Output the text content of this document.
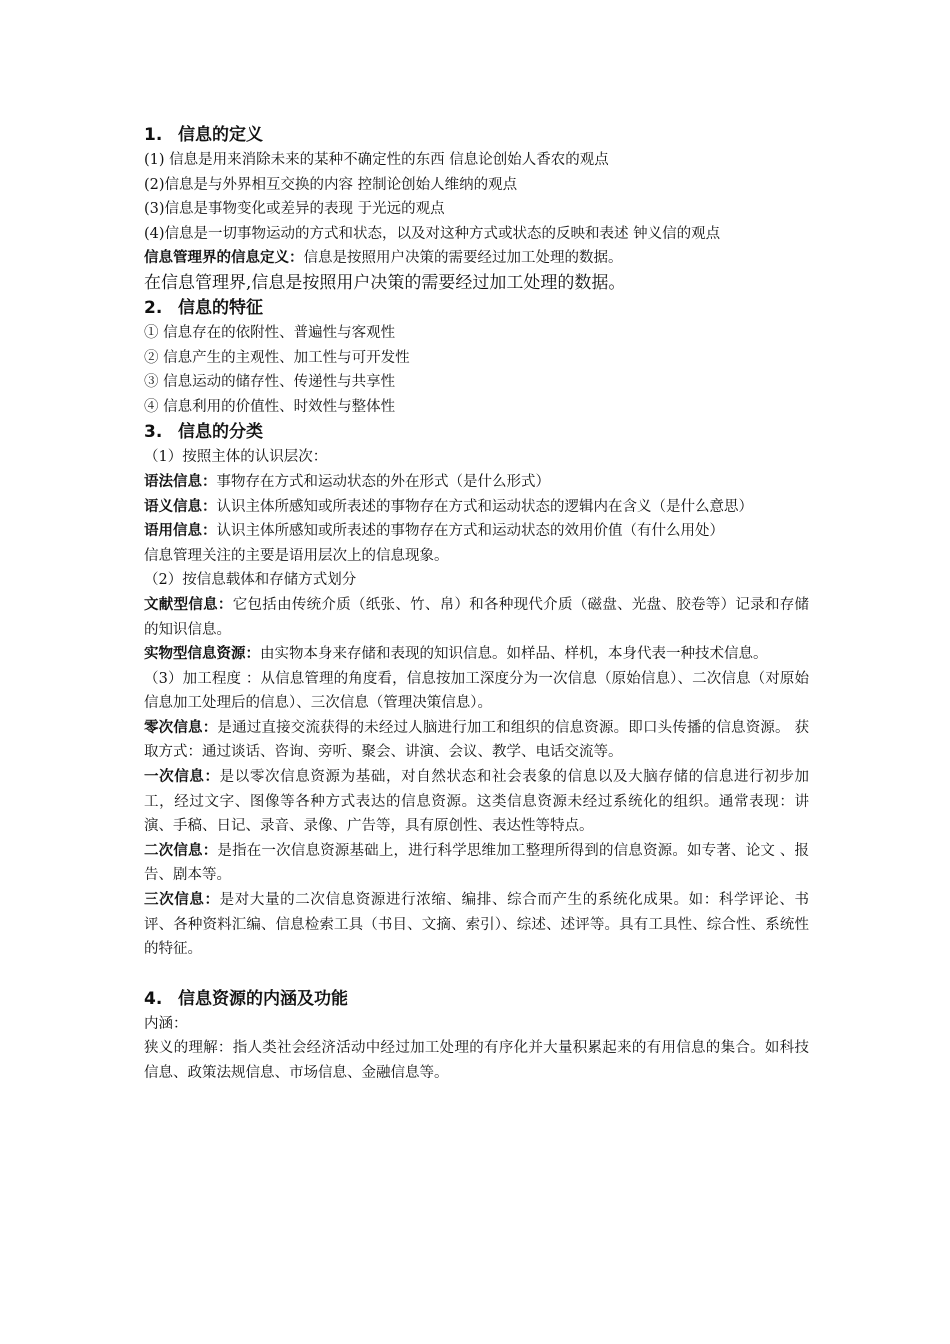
1. 信息的定义

(1) 信息是用来消除未来的某种不确定性的东西 信息论创始人香农的观点

(2)信息是与外界相互交换的内容 控制论创始人维纳的观点

(3)信息是事物变化或差异的表现 于光远的观点

(4)信息是一切事物运动的方式和状态，以及对这种方式或状态的反映和表述 钟义信的观点

信息管理界的信息定义：信息是按照用户决策的需要经过加工处理的数据。

在信息管理界,信息是按照用户决策的需要经过加工处理的数据。

2. 信息的特征

① 信息存在的依附性、普遍性与客观性

② 信息产生的主观性、加工性与可开发性

③ 信息运动的储存性、传递性与共享性

④ 信息利用的价值性、时效性与整体性

3. 信息的分类

（1）按照主体的认识层次：

语法信息：事物存在方式和运动状态的外在形式（是什么形式）

语义信息：认识主体所感知或所表述的事物存在方式和运动状态的逻辑内在含义（是什么意思）

语用信息：认识主体所感知或所表述的事物存在方式和运动状态的效用价值（有什么用处）

信息管理关注的主要是语用层次上的信息现象。

（2）按信息载体和存储方式划分

文献型信息：它包括由传统介质（纸张、竹、帛）和各种现代介质（磁盘、光盘、胶卷等）记录和存储的知识信息。

实物型信息资源：由实物本身来存储和表现的知识信息。如样品、样机，本身代表一种技术信息。

（3）加工程度 ：从信息管理的角度看，信息按加工深度分为一次信息（原始信息）、二次信息（对原始信息加工处理后的信息）、三次信息（管理决策信息）。

零次信息：是通过直接交流获得的未经过人脑进行加工和组织的信息资源。即口头传播的信息资源。 获取方式：通过谈话、咨询、旁听、聚会、讲演、会议、教学、电话交流等。

一次信息：是以零次信息资源为基础，对自然状态和社会表象的信息以及大脑存储的信息进行初步加工，经过文字、图像等各种方式表达的信息资源。这类信息资源未经过系统化的组织。通常表现：讲演、手稿、日记、录音、录像、广告等，具有原创性、表达性等特点。

二次信息：是指在一次信息资源基础上，进行科学思维加工整理所得到的信息资源。如专著、论文 、报告、剧本等。

三次信息：是对大量的二次信息资源进行浓缩、编排、综合而产生的系统化成果。如：科学评论、书评、各种资料汇编、信息检索工具（书目、文摘、索引）、综述、述评等。具有工具性、综合性、系统性的特征。

4. 信息资源的内涵及功能

内涵：

狭义的理解：指人类社会经济活动中经过加工处理的有序化并大量积累起来的有用信息的集合。如科技信息、政策法规信息、市场信息、金融信息等。
